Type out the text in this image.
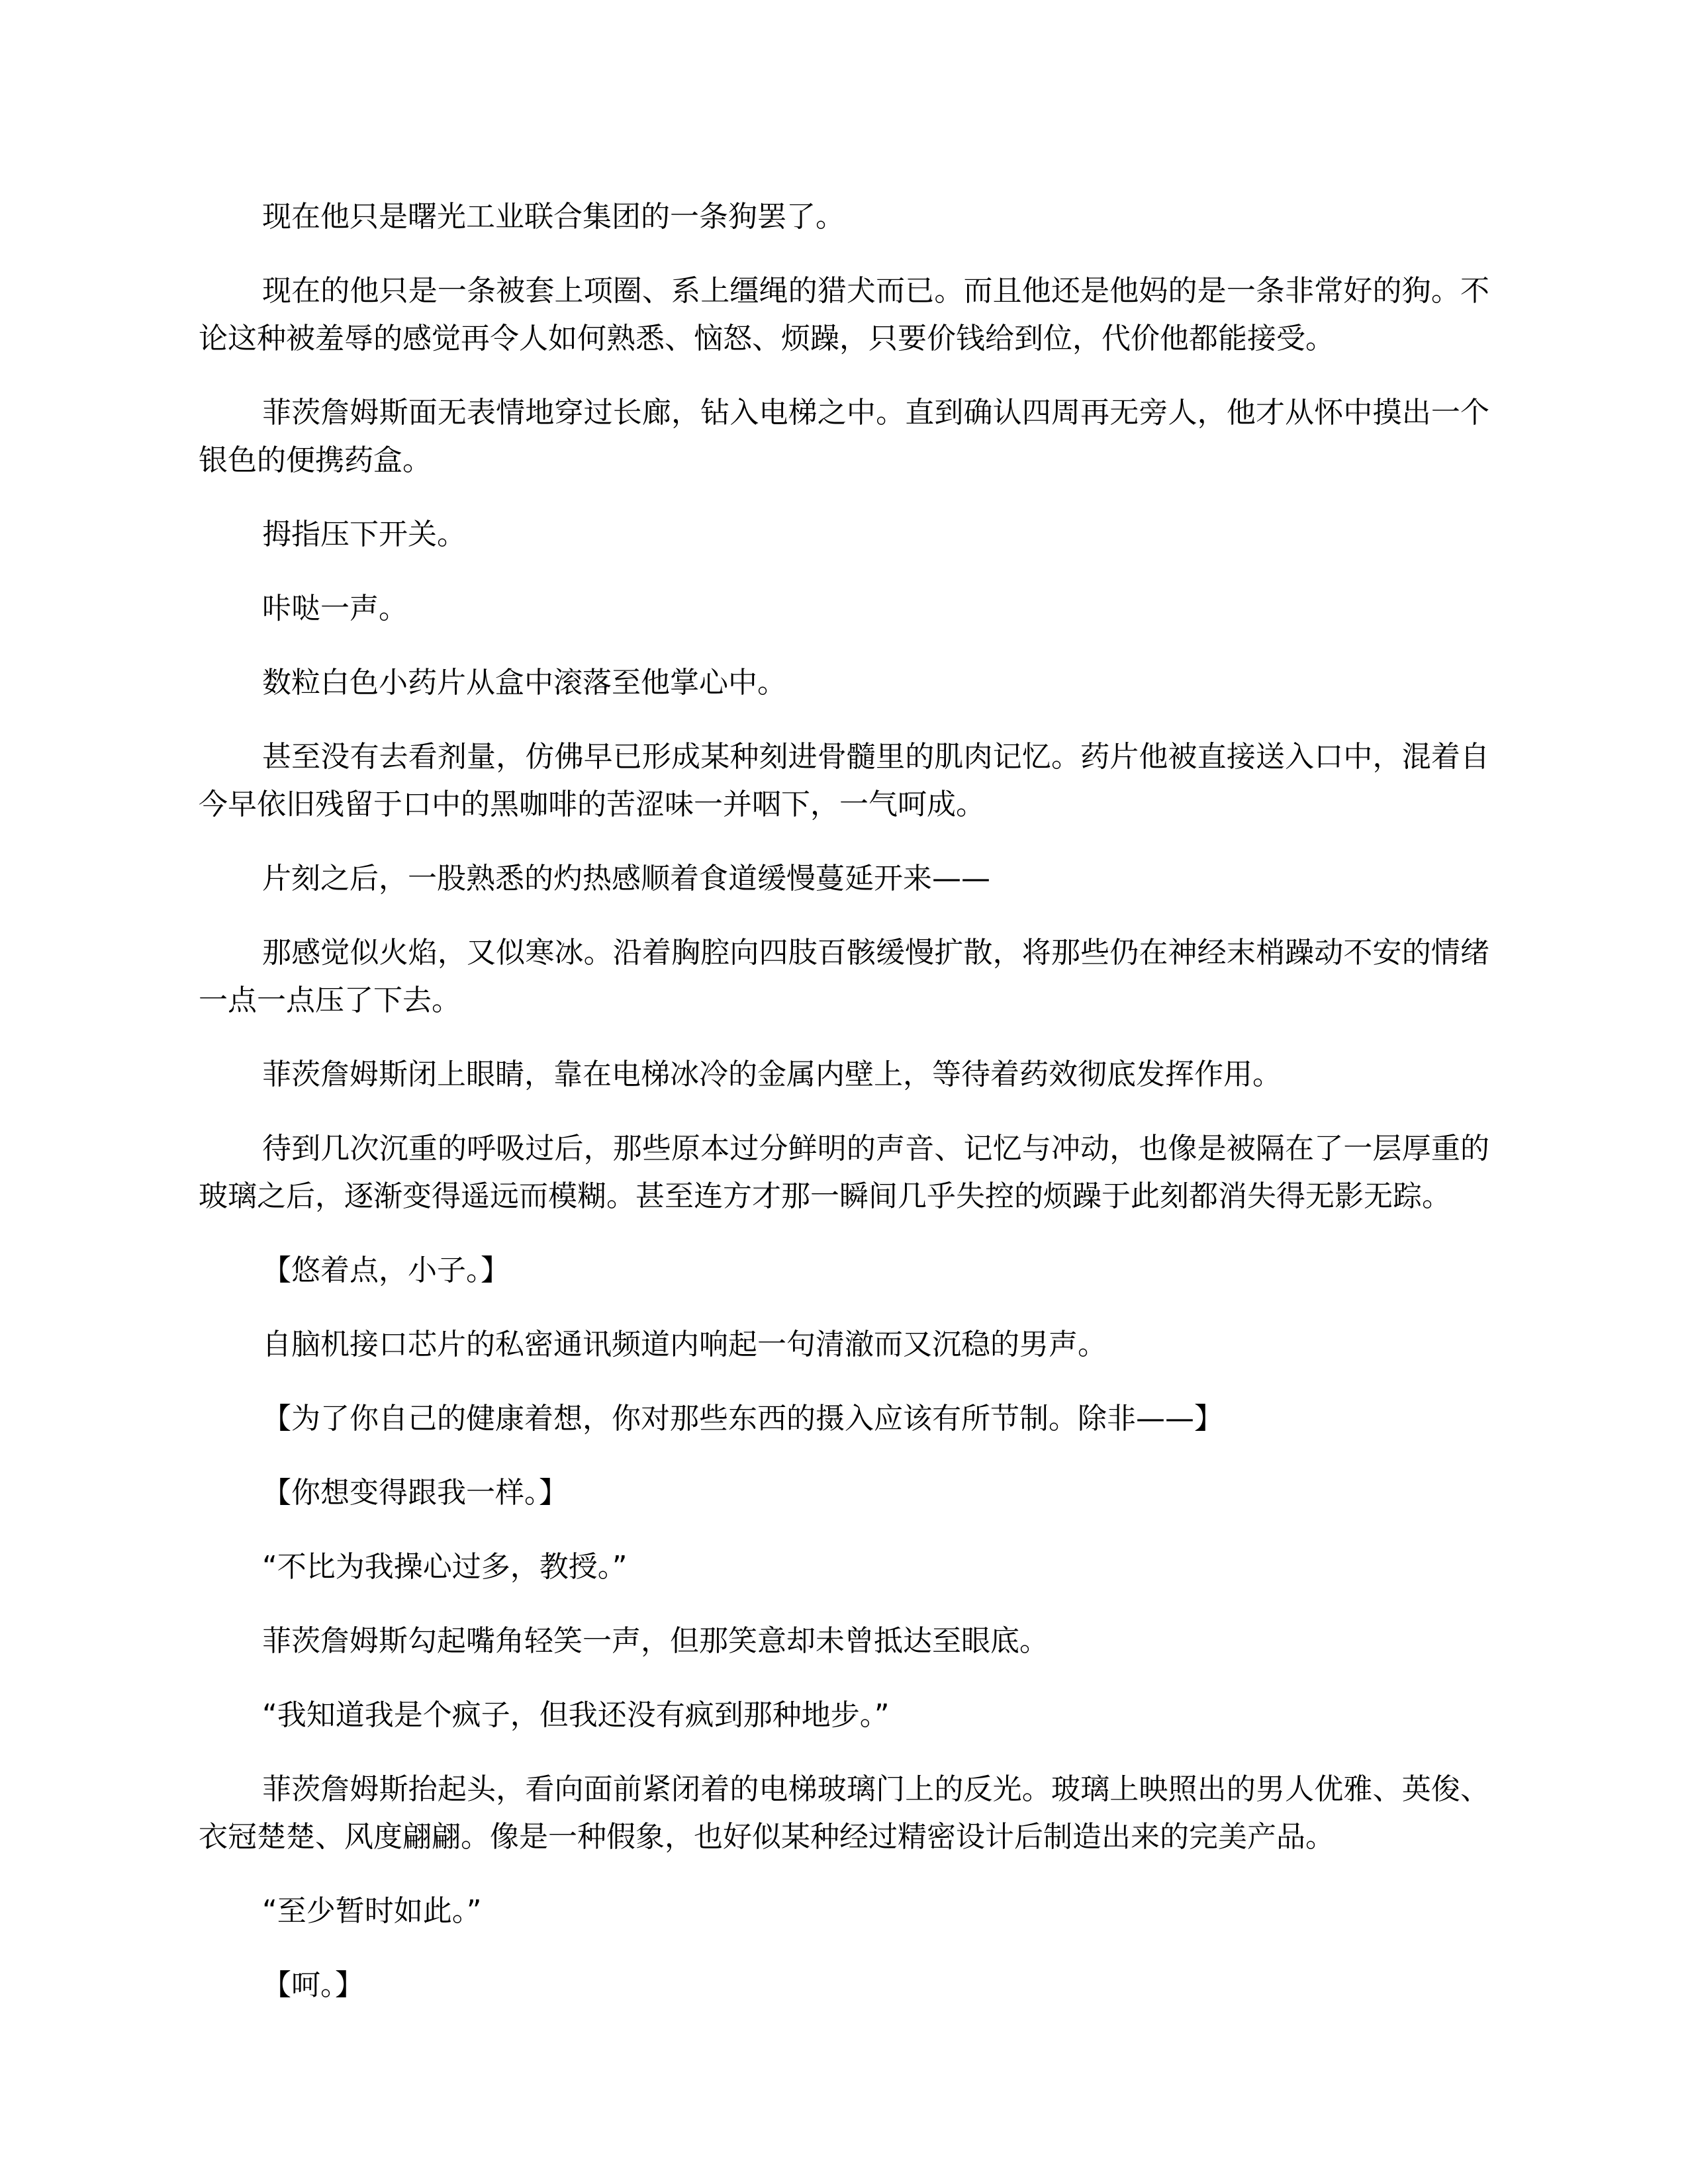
现在他只是曙光工业联合集团的一条狗罢了。

现在的他只是一条被套上项圈、系上缰绳的猎犬而已。而且他还是他妈的是一条非常好的狗。不论这种被羞辱的感觉再令人如何熟悉、恼怒、烦躁，只要价钱给到位，代价他都能接受。

菲茨詹姆斯面无表情地穿过长廊，钻入电梯之中。直到确认四周再无旁人，他才从怀中摸出一个银色的便携药盒。

拇指压下开关。

咔哒一声。

数粒白色小药片从盒中滚落至他掌心中。

甚至没有去看剂量，仿佛早已形成某种刻进骨髓里的肌肉记忆。药片他被直接送入口中，混着自今早依旧残留于口中的黑咖啡的苦涩味一并咽下，一气呵成。

片刻之后，一股熟悉的灼热感顺着食道缓慢蔓延开来——

那感觉似火焰，又似寒冰。沿着胸腔向四肢百骸缓慢扩散，将那些仍在神经末梢躁动不安的情绪一点一点压了下去。

菲茨詹姆斯闭上眼睛，靠在电梯冰冷的金属内壁上，等待着药效彻底发挥作用。

待到几次沉重的呼吸过后，那些原本过分鲜明的声音、记忆与冲动，也像是被隔在了一层厚重的玻璃之后，逐渐变得遥远而模糊。甚至连方才那一瞬间几乎失控的烦躁于此刻都消失得无影无踪。

【悠着点，小子。】

自脑机接口芯片的私密通讯频道内响起一句清澈而又沉稳的男声。

【为了你自己的健康着想，你对那些东西的摄入应该有所节制。除非——】

【你想变得跟我一样。】

“不比为我操心过多，教授。”

菲茨詹姆斯勾起嘴角轻笑一声，但那笑意却未曾抵达至眼底。

“我知道我是个疯子，但我还没有疯到那种地步。”

菲茨詹姆斯抬起头，看向面前紧闭着的电梯玻璃门上的反光。玻璃上映照出的男人优雅、英俊、衣冠楚楚、风度翩翩。像是一种假象，也好似某种经过精密设计后制造出来的完美产品。

“至少暂时如此。”

【呵。】
